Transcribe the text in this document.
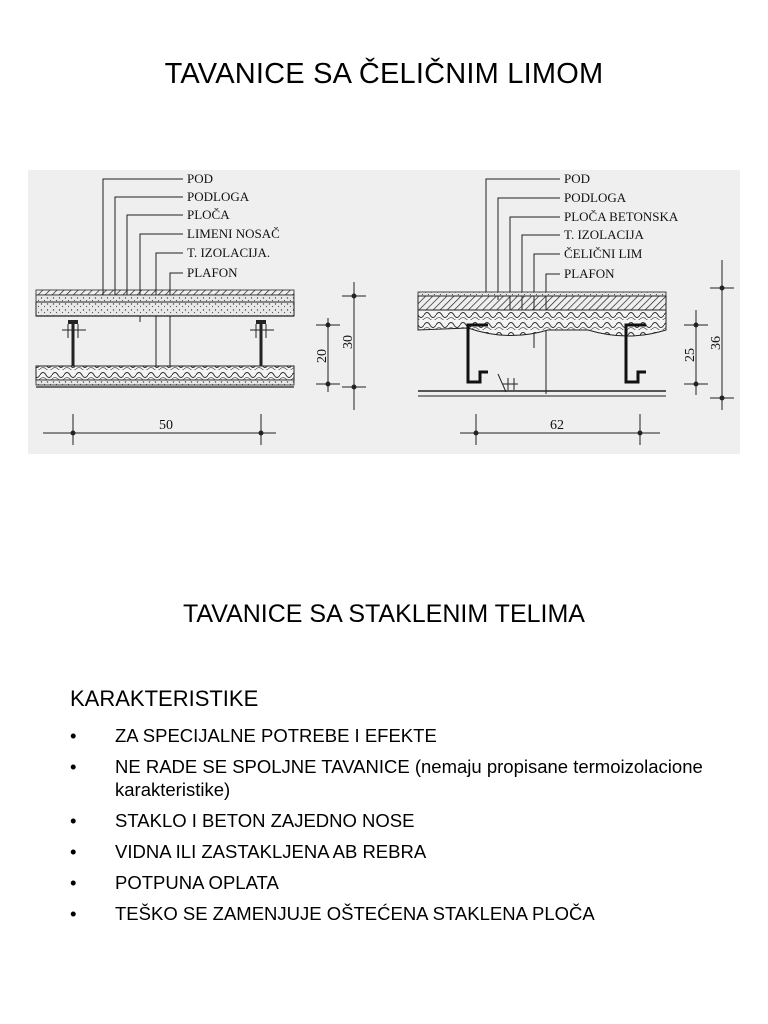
TAVANICE SA ČELIČNIM LIMOM
50
20
30
POD
PODLOGA
PLOČA
LIMENI NOSAČ
T. IZOLACIJA.
PLAFON
62
25
36
POD
PODLOGA
PLOČA BETONSKA
T. IZOLACIJA
ČELIČNI LIM
PLAFON
TAVANICE SA STAKLENIM TELIMA
KARAKTERISTIKE
• ZA SPECIJALNE POTREBE I EFEKTE
• NE RADE SE SPOLJNE TAVANICE (nemaju propisane termoizolacione karakteristike)
• STAKLO I BETON ZAJEDNO NOSE
• VIDNA ILI ZASTAKLJENA AB REBRA
• POTPUNA OPLATA
• TEŠKO SE ZAMENJUJE OŠTEĆENA STAKLENA PLOČA
